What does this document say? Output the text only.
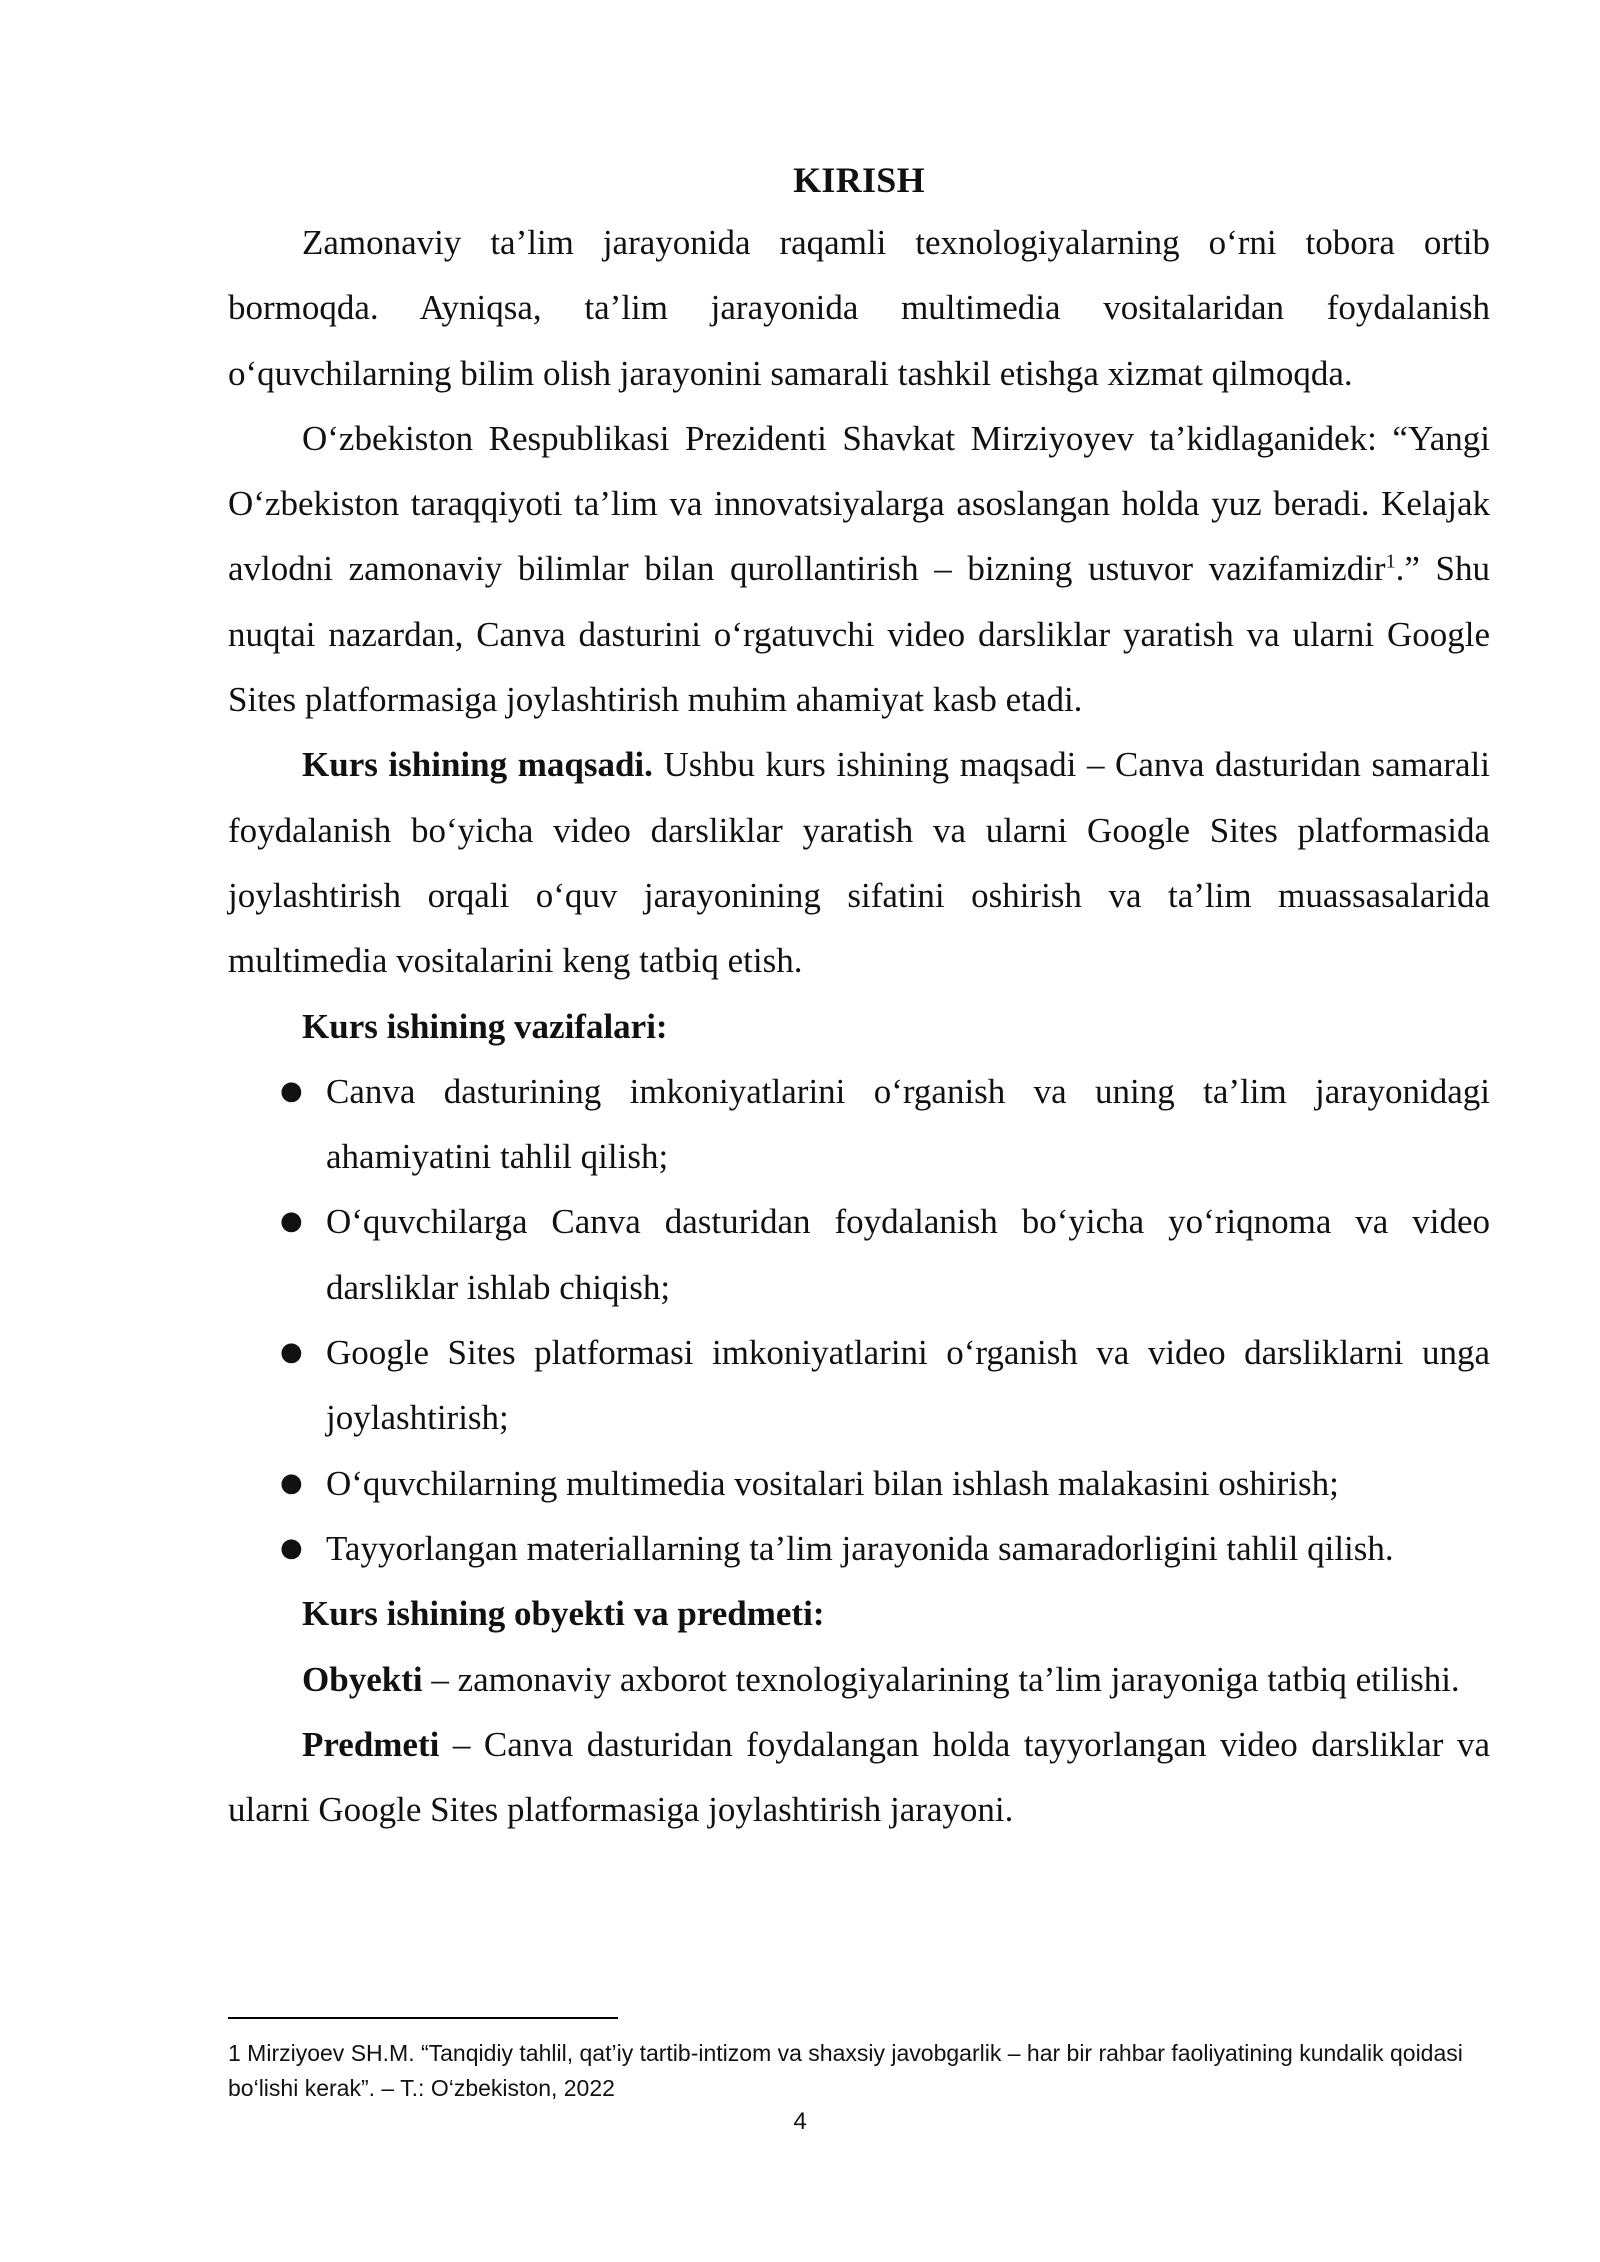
KIRISH

Zamonaviy ta’lim jarayonida raqamli texnologiyalarning o‘rni tobora ortib bormoqda. Ayniqsa, ta’lim jarayonida multimedia vositalaridan foydalanish o‘quvchilarning bilim olish jarayonini samarali tashkil etishga xizmat qilmoqda.

O‘zbekiston Respublikasi Prezidenti Shavkat Mirziyoyev ta’kidlaganidek: “Yangi O‘zbekiston taraqqiyoti ta’lim va innovatsiyalarga asoslangan holda yuz beradi. Kelajak avlodni zamonaviy bilimlar bilan qurollantirish – bizning ustuvor vazifamizdir$^1$.” Shu nuqtai nazardan, Canva dasturini o‘rgatuvchi video darsliklar yaratish va ularni Google Sites platformasiga joylashtirish muhim ahamiyat kasb etadi.

Kurs ishining maqsadi. Ushbu kurs ishining maqsadi – Canva dasturidan samarali foydalanish bo‘yicha video darsliklar yaratish va ularni Google Sites platformasida joylashtirish orqali o‘quv jarayonining sifatini oshirish va ta’lim muassasalarida multimedia vositalarini keng tatbiq etish.

Kurs ishining vazifalari:

● Canva dasturining imkoniyatlarini o‘rganish va uning ta’lim jarayonidagi ahamiyatini tahlil qilish;
● O‘quvchilarga Canva dasturidan foydalanish bo‘yicha yo‘riqnoma va video darsliklar ishlab chiqish;
● Google Sites platformasi imkoniyatlarini o‘rganish va video darsliklarni unga joylashtirish;
● O‘quvchilarning multimedia vositalari bilan ishlash malakasini oshirish;
● Tayyorlangan materiallarning ta’lim jarayonida samaradorligini tahlil qilish.

Kurs ishining obyekti va predmeti:

Obyekti – zamonaviy axborot texnologiyalarining ta’lim jarayoniga tatbiq etilishi.

Predmeti – Canva dasturidan foydalangan holda tayyorlangan video darsliklar va ularni Google Sites platformasiga joylashtirish jarayoni.

1 Mirziyoev SH.M. “Tanqidiy tahlil, qat’iy tartib-intizom va shaxsiy javobgarlik – har bir rahbar faoliyatining kundalik qoidasi bo‘lishi kerak”. – T.: O‘zbekiston, 2022
4
